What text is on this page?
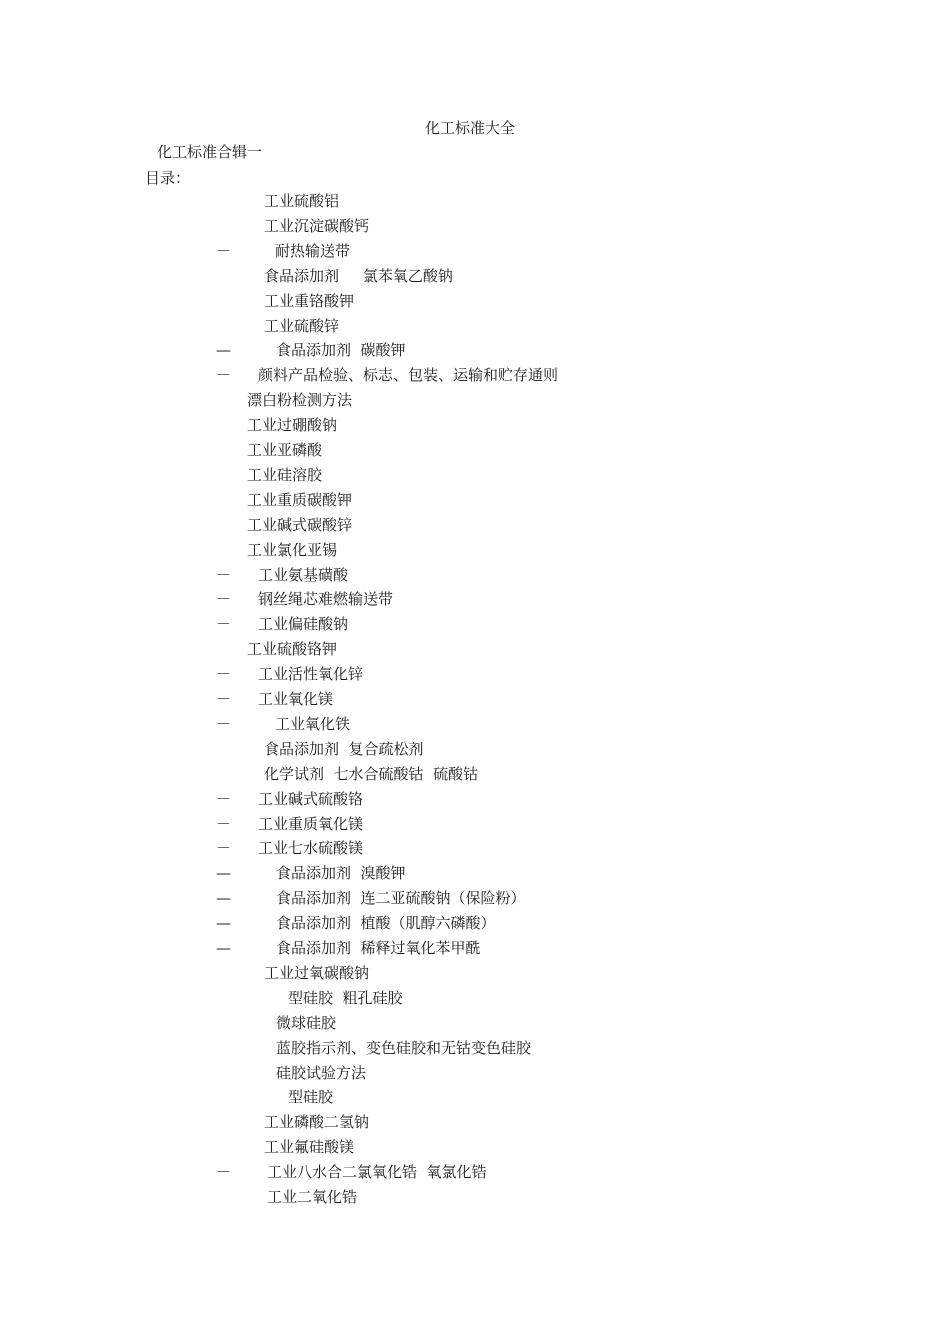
化工标准大全
化工标准合辑一
目录：
工业硫酸铝
工业沉淀碳酸钙
－	耐热输送带
食品添加剂     氯苯氧乙酸钠
工业重铬酸钾
工业硫酸锌
—	食品添加剂  碳酸钾
－ 颜料产品检验、标志、包装、运输和贮存通则
漂白粉检测方法
工业过硼酸钠
工业亚磷酸
工业硅溶胶
工业重质碳酸钾
工业碱式碳酸锌
工业氯化亚锡
－ 工业氨基磺酸
－ 钢丝绳芯难燃输送带
－ 工业偏硅酸钠
工业硫酸铬钾
－ 工业活性氧化锌
－ 工业氧化镁
－	工业氧化铁
食品添加剂  复合疏松剂
化学试剂  七水合硫酸钴  硫酸钴
－ 工业碱式硫酸铬
－ 工业重质氧化镁
－ 工业七水硫酸镁
—	食品添加剂  溴酸钾
—	食品添加剂  连二亚硫酸钠（保险粉）
—	食品添加剂  植酸（肌醇六磷酸）
—	食品添加剂  稀释过氧化苯甲酰
工业过氧碳酸钠
型硅胶  粗孔硅胶
微球硅胶
蓝胶指示剂、变色硅胶和无钴变色硅胶
硅胶试验方法
型硅胶
工业磷酸二氢钠
工业氟硅酸镁
－ 工业八水合二氯氧化锆  氧氯化锆
工业二氧化锆
